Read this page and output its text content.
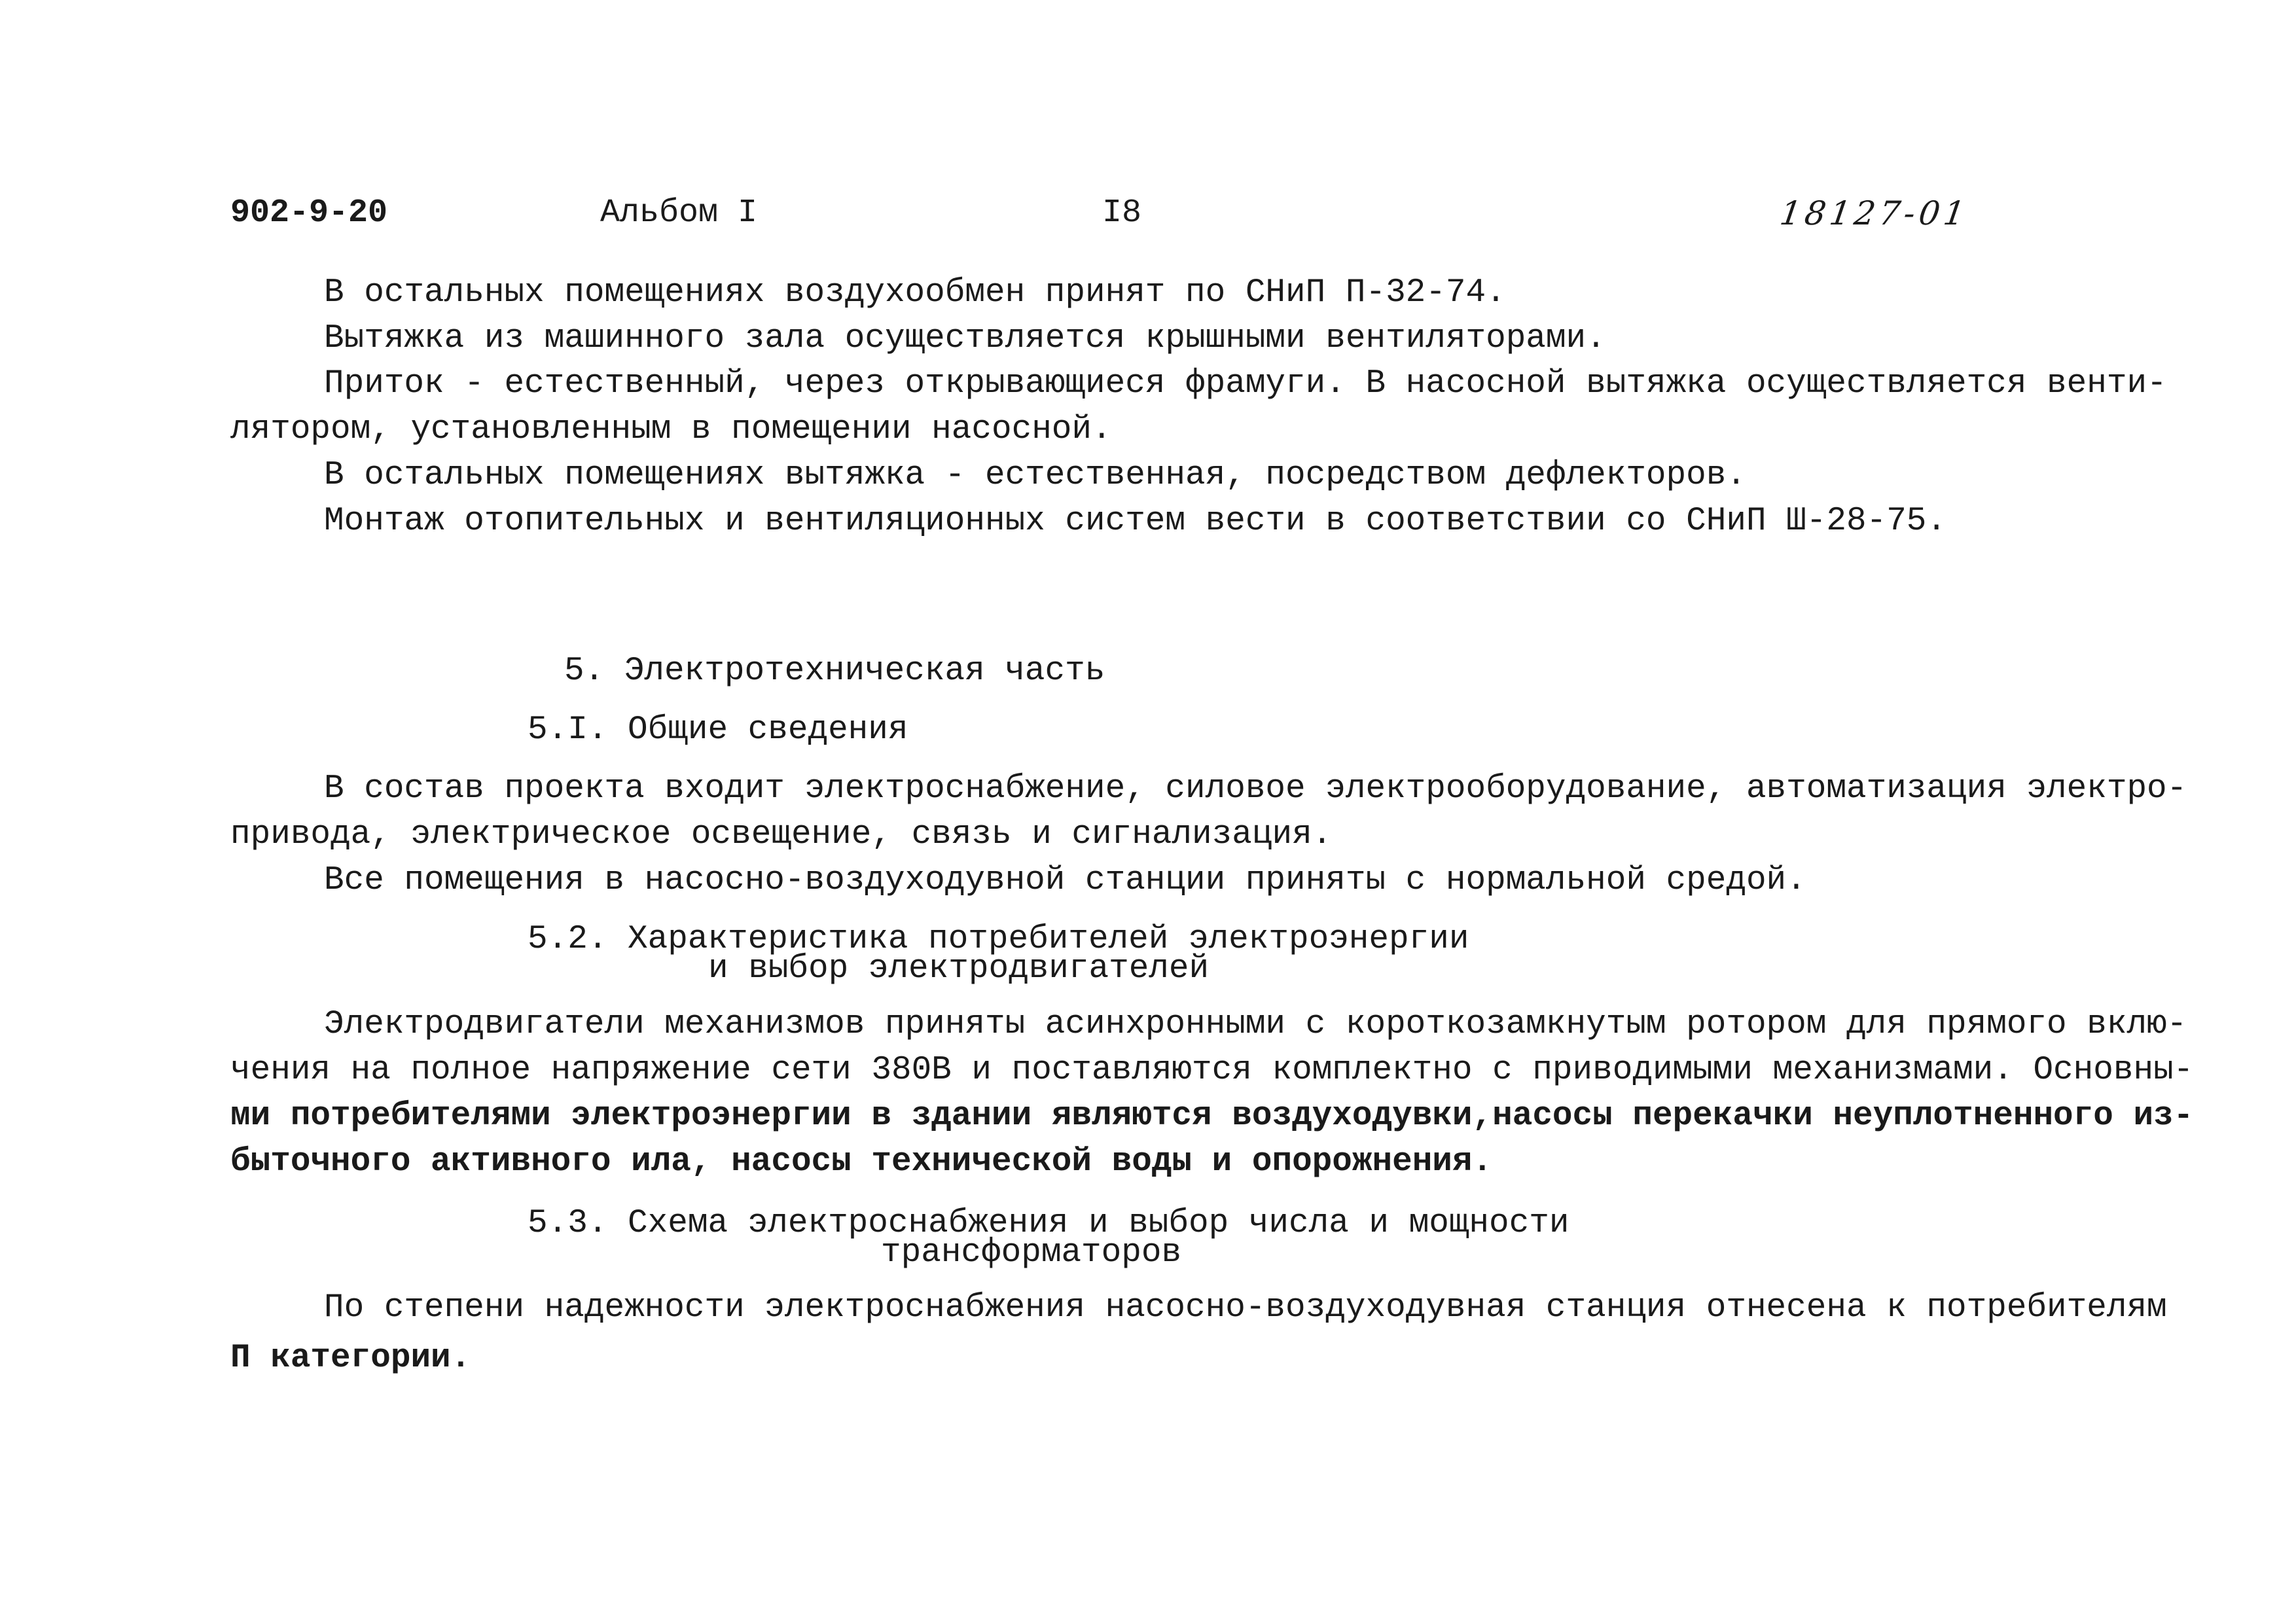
902-9-20	Альбом I	I8	18127-01
В остальных помещениях воздухообмен принят по СНиП П-32-74.
Вытяжка из машинного зала осуществляется крышными вентиляторами.
Приток - естественный, через открывающиеся фрамуги. В насосной вытяжка осуществляется венти-
лятором, установленным в помещении насосной.
В остальных помещениях вытяжка - естественная, посредством дефлекторов.
Монтаж отопительных и вентиляционных систем вести в соответствии со СНиП Ш-28-75.
5. Электротехническая часть
5.I. Общие сведения
В состав проекта входит электроснабжение, силовое электрооборудование, автоматизация электро-
привода, электрическое освещение, связь и сигнализация.
Все помещения в насосно-воздуходувной станции приняты с нормальной средой.
5.2. Характеристика потребителей электроэнергии
и выбор электродвигателей
Электродвигатели механизмов приняты асинхронными с короткозамкнутым ротором для прямого вклю-
чения на полное напряжение сети 380В и поставляются комплектно с приводимыми механизмами. Основны-
ми потребителями электроэнергии в здании являются воздуходувки,насосы перекачки неуплотненного из-
быточного активного ила, насосы технической воды и опорожнения.
5.3. Схема электроснабжения и выбор числа и мощности
трансформаторов
По степени надежности электроснабжения насосно-воздуходувная станция отнесена к потребителям
П категории.
